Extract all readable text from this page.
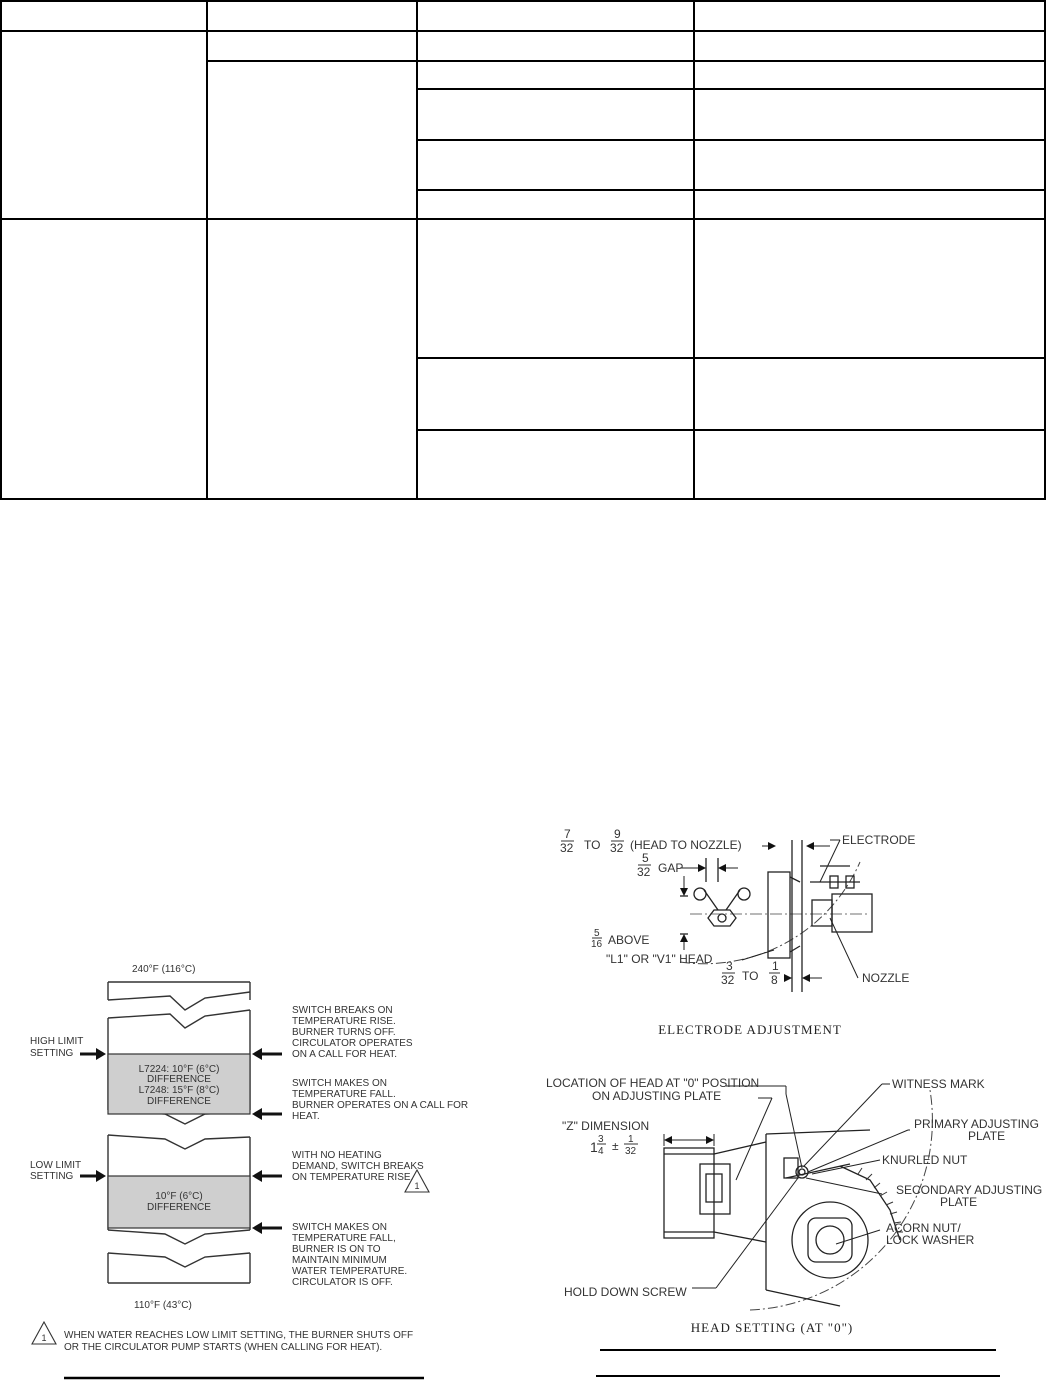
240°F (116°C)
110°F (43°C)
HIGH LIMIT
SETTING
LOW LIMIT
SETTING
L7224: 10°F (6°C)
DIFFERENCE
L7248: 15°F (8°C)
DIFFERENCE
10°F (6°C)
DIFFERENCE
SWITCH BREAKS ON
TEMPERATURE RISE.
BURNER TURNS OFF.
CIRCULATOR OPERATES
ON A CALL FOR HEAT.
SWITCH MAKES ON
TEMPERATURE FALL.
BURNER OPERATES ON A CALL FOR
HEAT.
WITH NO HEATING
DEMAND, SWITCH BREAKS
ON TEMPERATURE RISE.
SWITCH MAKES ON
TEMPERATURE FALL,
BURNER IS ON TO
MAINTAIN MINIMUM
WATER TEMPERATURE.
CIRCULATOR IS OFF.
1
1 WHEN WATER REACHES LOW LIMIT SETTING, THE BURNER SHUTS OFF
OR THE CIRCULATOR PUMP STARTS (WHEN CALLING FOR HEAT).
7
32 TO
9
32 (HEAD TO NOZZLE)
5
32 GAP
5
16 ABOVE
"L1" OR "V1" HEAD 3
32 TO
1
8
ELECTRODE
NOZZLE
ELECTRODE ADJUSTMENT
LOCATION OF HEAD AT "0" POSITION
ON ADJUSTING PLATE
"Z" DIMENSION
1 3
4 ± 1
32
WITNESS MARK
PRIMARY ADJUSTING
PLATE
KNURLED NUT
SECONDARY ADJUSTING
PLATE
ACORN NUT/
LOCK WASHER
HOLD DOWN SCREW
HEAD SETTING (AT "0")
